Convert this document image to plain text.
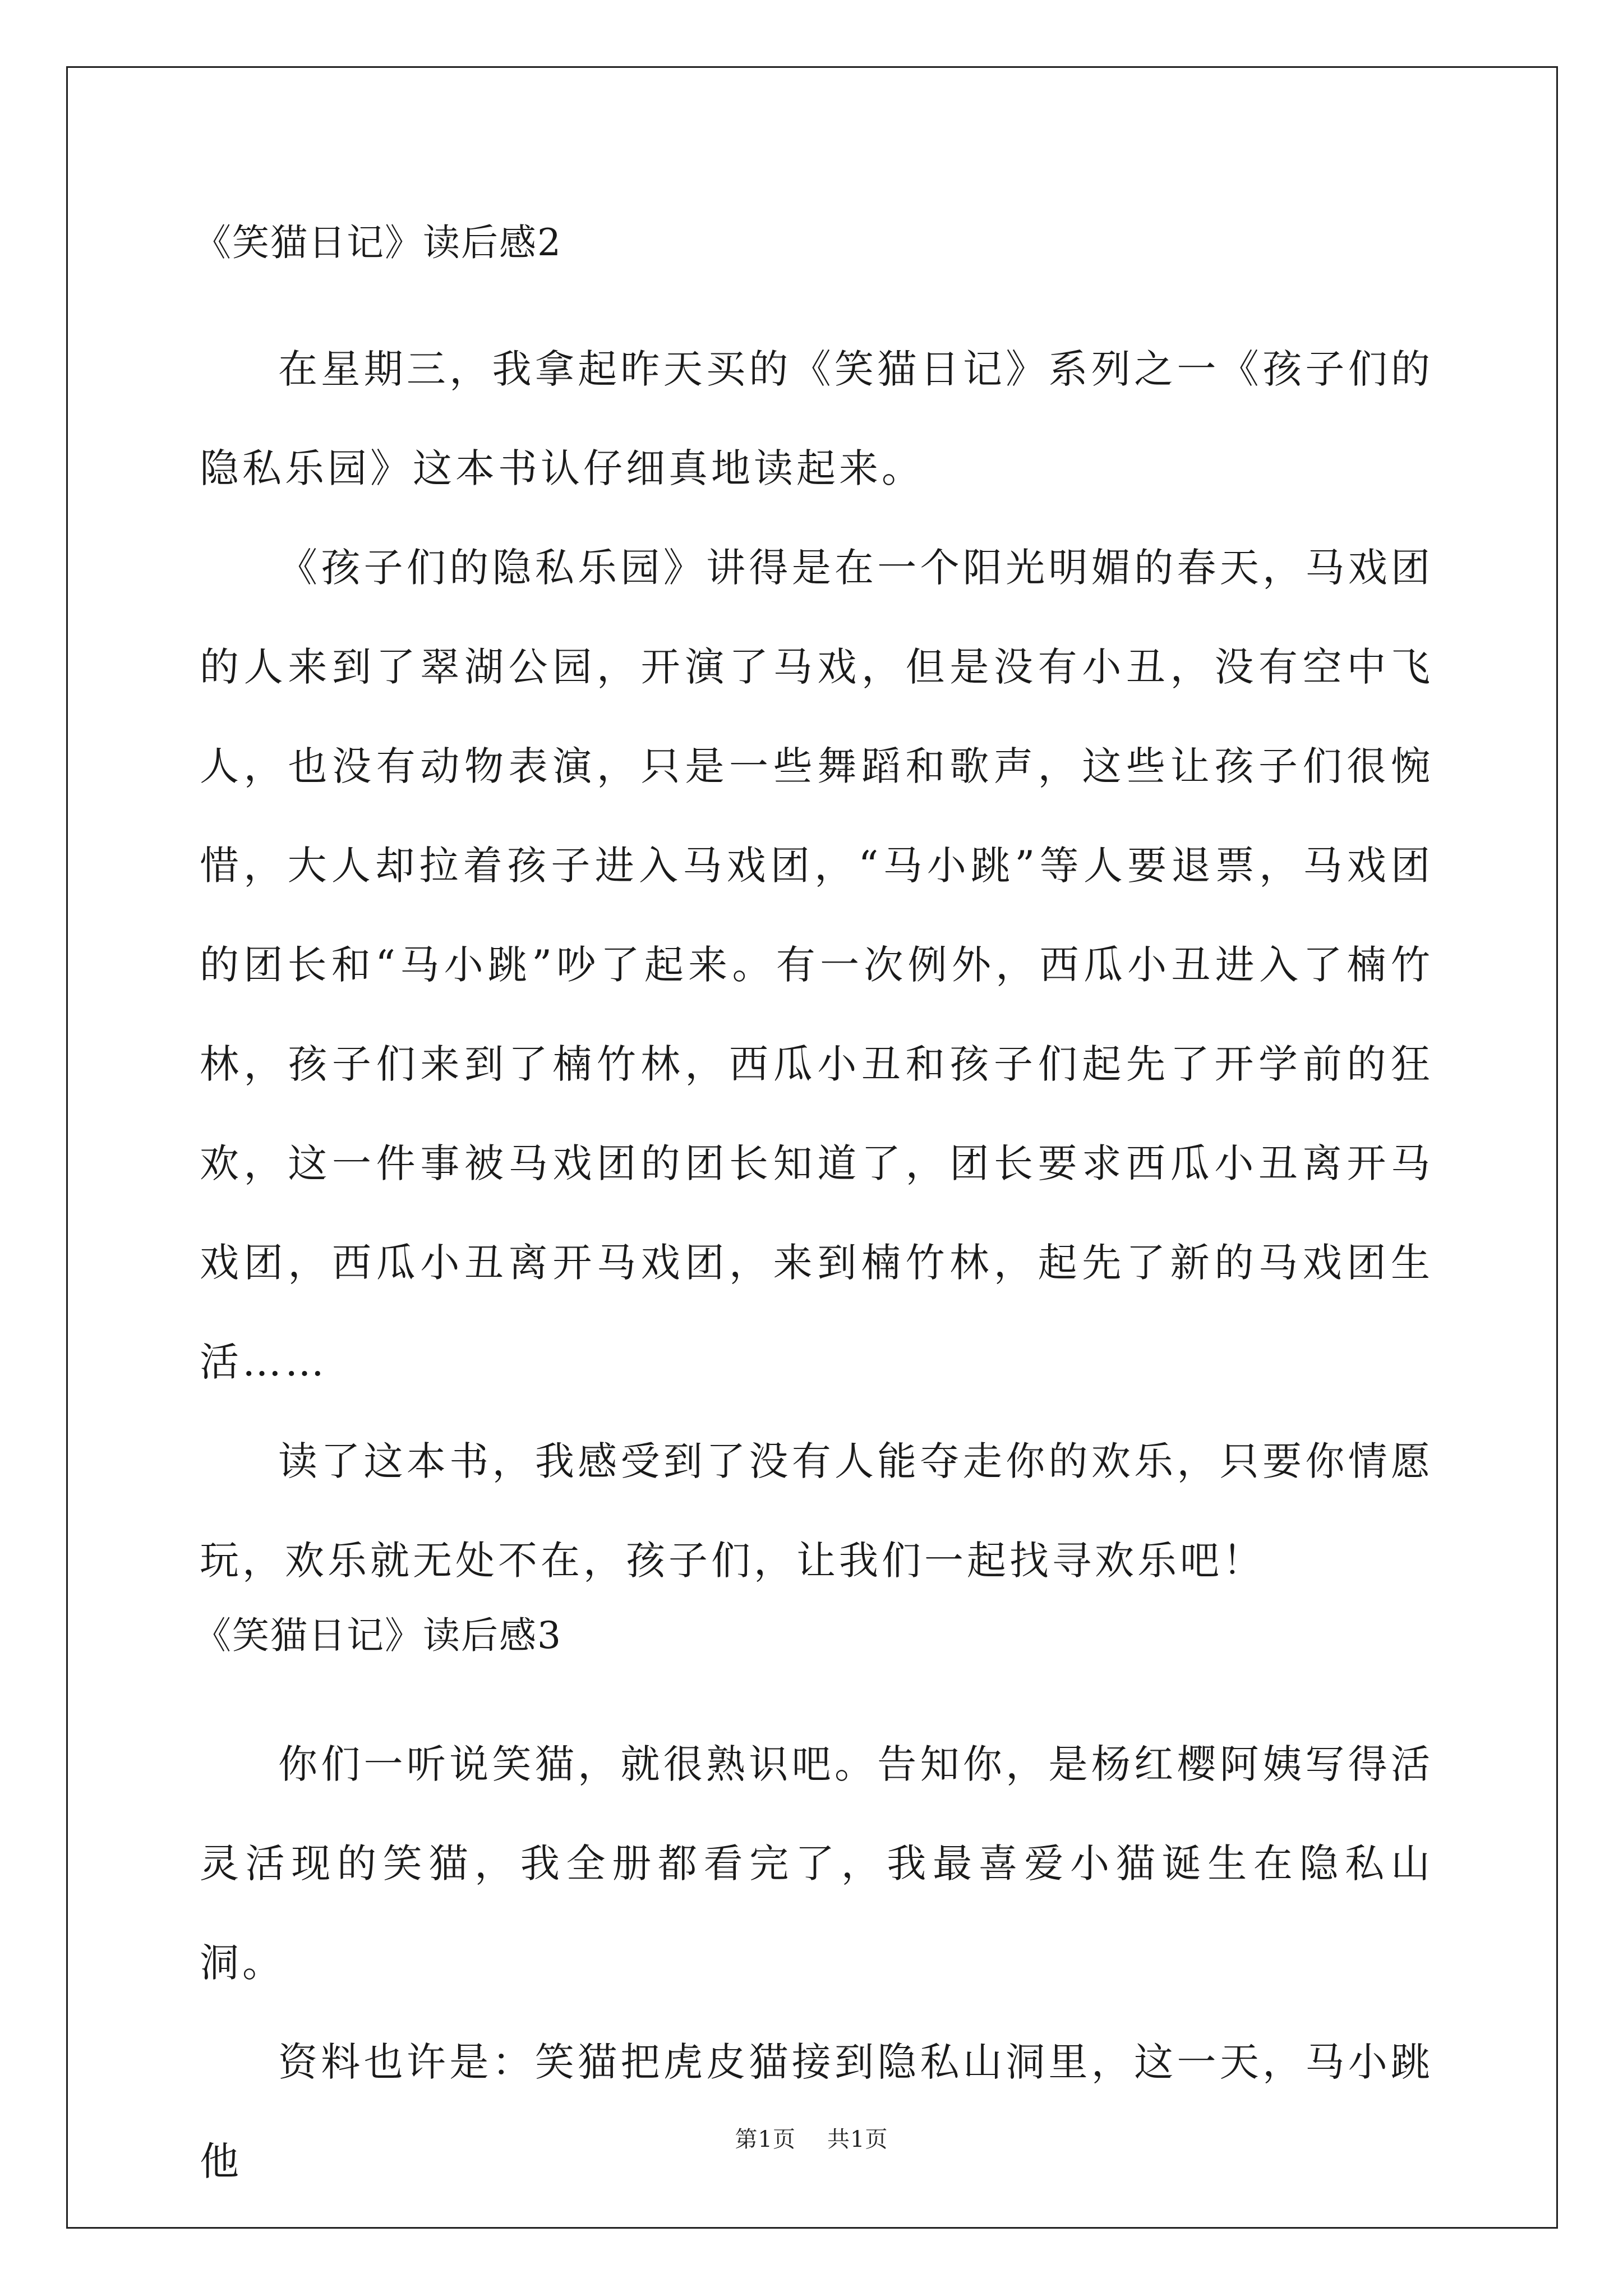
《笑猫日记》读后感2

在星期三，我拿起昨天买的《笑猫日记》系列之一《孩子们的隐私乐园》这本书认仔细真地读起来。

《孩子们的隐私乐园》讲得是在一个阳光明媚的春天，马戏团的人来到了翠湖公园，开演了马戏，但是没有小丑，没有空中飞人，也没有动物表演，只是一些舞蹈和歌声，这些让孩子们很惋惜，大人却拉着孩子进入马戏团，“马小跳”等人要退票，马戏团的团长和“马小跳”吵了起来。有一次例外，西瓜小丑进入了楠竹林，孩子们来到了楠竹林，西瓜小丑和孩子们起先了开学前的狂欢，这一件事被马戏团的团长知道了，团长要求西瓜小丑离开马戏团，西瓜小丑离开马戏团，来到楠竹林，起先了新的马戏团生活……

读了这本书，我感受到了没有人能夺走你的欢乐，只要你情愿玩，欢乐就无处不在，孩子们，让我们一起找寻欢乐吧！

《笑猫日记》读后感3

你们一听说笑猫，就很熟识吧。告知你，是杨红樱阿姨写得活灵活现的笑猫，我全册都看完了，我最喜爱小猫诞生在隐私山洞。

资料也许是：笑猫把虎皮猫接到隐私山洞里，这一天，马小跳他	第1页 共1页
